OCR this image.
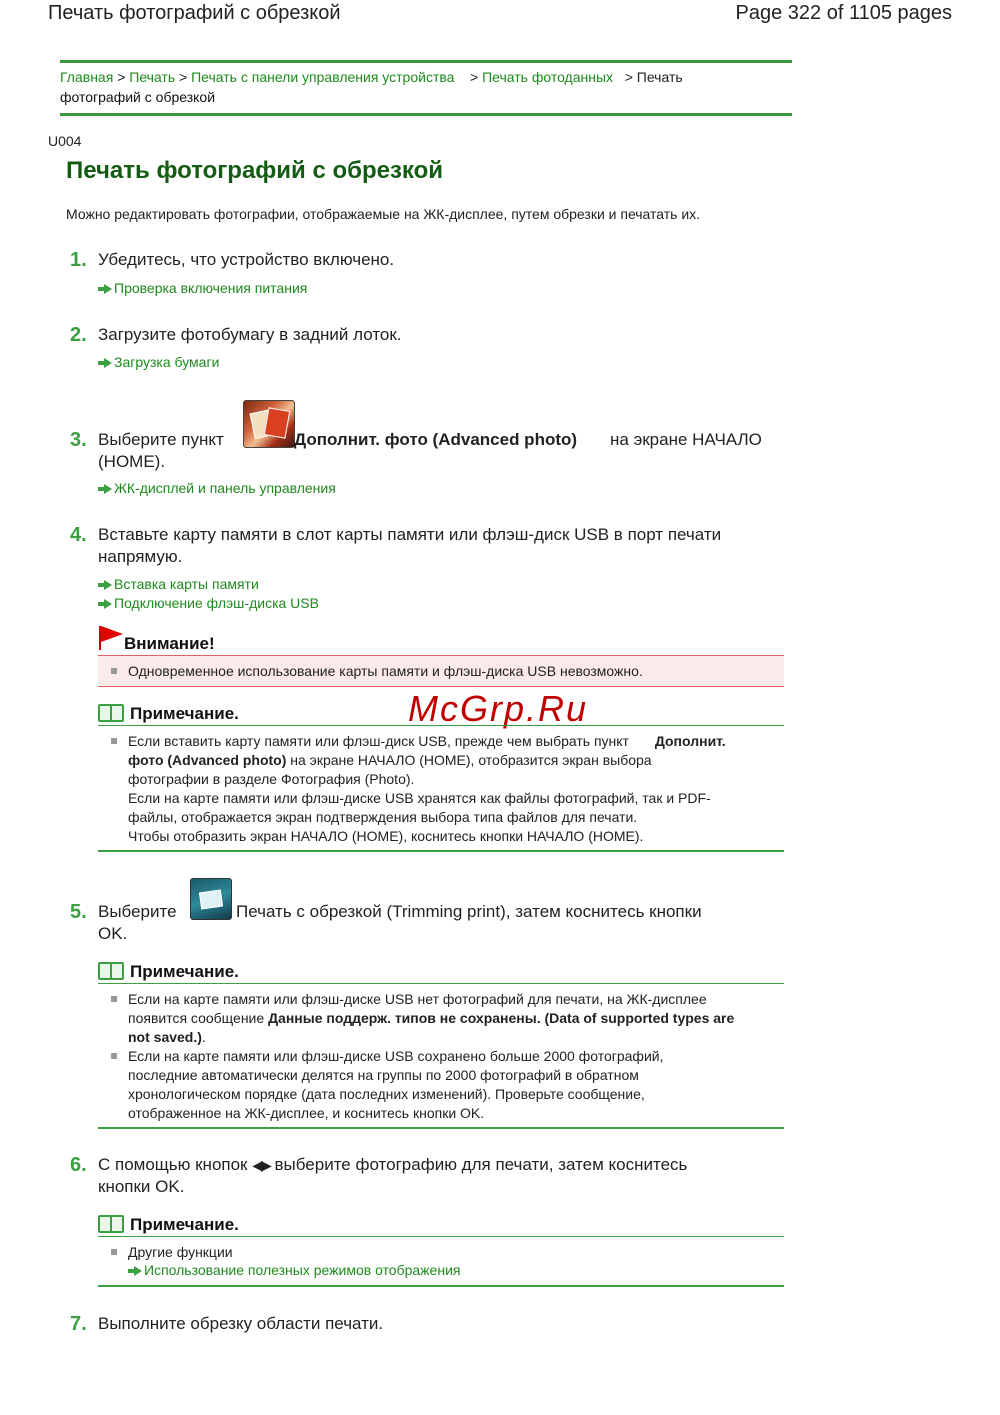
Печать фотографий с обрезкой	Page 322 of 1105 pages
Главная > Печать > Печать с панели управления устройства > Печать фотоданных > Печать
фотографий с обрезкой
U004
Печать фотографий с обрезкой
Можно редактировать фотографии, отображаемые на ЖК-дисплее, путем обрезки и печатать их.
1. Убедитесь, что устройство включено.
Проверка включения питания
2. Загрузите фотобумагу в задний лоток.
Загрузка бумаги
3. Выберите пункт	Дополнит. фото (Advanced photo) на экране НАЧАЛО
(HOME).
ЖК-дисплей и панель управления
4. Вставьте карту памяти в слот карты памяти или флэш-диск USB в порт печати
напрямую.
Вставка карты памяти
Подключение флэш-диска USB
Внимание!
Одновременное использование карты памяти и флэш-диска USB невозможно.
Примечание.	McGrp.Ru
Если вставить карту памяти или флэш-диск USB, прежде чем выбрать пункт Дополнит.
фото (Advanced photo) на экране НАЧАЛО (HOME), отобразится экран выбора
фотографии в разделе Фотография (Photo).
Если на карте памяти или флэш-диске USB хранятся как файлы фотографий, так и PDF-
файлы, отображается экран подтверждения выбора типа файлов для печати.
Чтобы отобразить экран НАЧАЛО (HOME), коснитесь кнопки НАЧАЛО (HOME).
5. Выберите	Печать с обрезкой (Trimming print), затем коснитесь кнопки
OK.
Примечание.
Если на карте памяти или флэш-диске USB нет фотографий для печати, на ЖК-дисплее
появится сообщение Данные поддерж. типов не сохранены. (Data of supported types are
not saved.).
Если на карте памяти или флэш-диске USB сохранено больше 2000 фотографий,
последние автоматически делятся на группы по 2000 фотографий в обратном
хронологическом порядке (дата последних изменений). Проверьте сообщение,
отображенное на ЖК-дисплее, и коснитесь кнопки OK.
6. С помощью кнопок ◀▶ выберите фотографию для печати, затем коснитесь
кнопки OK.
Примечание.
Другие функции
Использование полезных режимов отображения
7. Выполните обрезку области печати.
